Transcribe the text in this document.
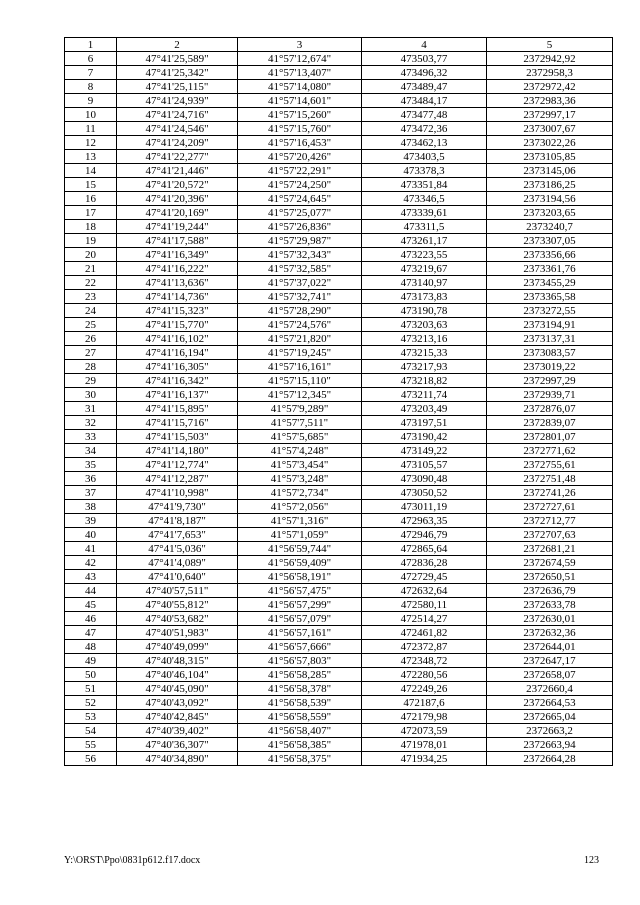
1	2	3	4	5
6	47°41'25,589"	41°57'12,674"	473503,77	2372942,92
7	47°41'25,342"	41°57'13,407"	473496,32	2372958,3
8	47°41'25,115"	41°57'14,080"	473489,47	2372972,42
9	47°41'24,939"	41°57'14,601"	473484,17	2372983,36
10	47°41'24,716"	41°57'15,260"	473477,48	2372997,17
11	47°41'24,546"	41°57'15,760"	473472,36	2373007,67
12	47°41'24,209"	41°57'16,453"	473462,13	2373022,26
13	47°41'22,277"	41°57'20,426"	473403,5	2373105,85
14	47°41'21,446"	41°57'22,291"	473378,3	2373145,06
15	47°41'20,572"	41°57'24,250"	473351,84	2373186,25
16	47°41'20,396"	41°57'24,645"	473346,5	2373194,56
17	47°41'20,169"	41°57'25,077"	473339,61	2373203,65
18	47°41'19,244"	41°57'26,836"	473311,5	2373240,7
19	47°41'17,588"	41°57'29,987"	473261,17	2373307,05
20	47°41'16,349"	41°57'32,343"	473223,55	2373356,66
21	47°41'16,222"	41°57'32,585"	473219,67	2373361,76
22	47°41'13,636"	41°57'37,022"	473140,97	2373455,29
23	47°41'14,736"	41°57'32,741"	473173,83	2373365,58
24	47°41'15,323"	41°57'28,290"	473190,78	2373272,55
25	47°41'15,770"	41°57'24,576"	473203,63	2373194,91
26	47°41'16,102"	41°57'21,820"	473213,16	2373137,31
27	47°41'16,194"	41°57'19,245"	473215,33	2373083,57
28	47°41'16,305"	41°57'16,161"	473217,93	2373019,22
29	47°41'16,342"	41°57'15,110"	473218,82	2372997,29
30	47°41'16,137"	41°57'12,345"	473211,74	2372939,71
31	47°41'15,895"	41°57'9,289"	473203,49	2372876,07
32	47°41'15,716"	41°57'7,511"	473197,51	2372839,07
33	47°41'15,503"	41°57'5,685"	473190,42	2372801,07
34	47°41'14,180"	41°57'4,248"	473149,22	2372771,62
35	47°41'12,774"	41°57'3,454"	473105,57	2372755,61
36	47°41'12,287"	41°57'3,248"	473090,48	2372751,48
37	47°41'10,998"	41°57'2,734"	473050,52	2372741,26
38	47°41'9,730"	41°57'2,056"	473011,19	2372727,61
39	47°41'8,187"	41°57'1,316"	472963,35	2372712,77
40	47°41'7,653"	41°57'1,059"	472946,79	2372707,63
41	47°41'5,036"	41°56'59,744"	472865,64	2372681,21
42	47°41'4,089"	41°56'59,409"	472836,28	2372674,59
43	47°41'0,640"	41°56'58,191"	472729,45	2372650,51
44	47°40'57,511"	41°56'57,475"	472632,64	2372636,79
45	47°40'55,812"	41°56'57,299"	472580,11	2372633,78
46	47°40'53,682"	41°56'57,079"	472514,27	2372630,01
47	47°40'51,983"	41°56'57,161"	472461,82	2372632,36
48	47°40'49,099"	41°56'57,666"	472372,87	2372644,01
49	47°40'48,315"	41°56'57,803"	472348,72	2372647,17
50	47°40'46,104"	41°56'58,285"	472280,56	2372658,07
51	47°40'45,090"	41°56'58,378"	472249,26	2372660,4
52	47°40'43,092"	41°56'58,539"	472187,6	2372664,53
53	47°40'42,845"	41°56'58,559"	472179,98	2372665,04
54	47°40'39,402"	41°56'58,407"	472073,59	2372663,2
55	47°40'36,307"	41°56'58,385"	471978,01	2372663,94
56	47°40'34,890"	41°56'58,375"	471934,25	2372664,28
Y:\ORST\Ppo\0831p612.f17.docx	123
